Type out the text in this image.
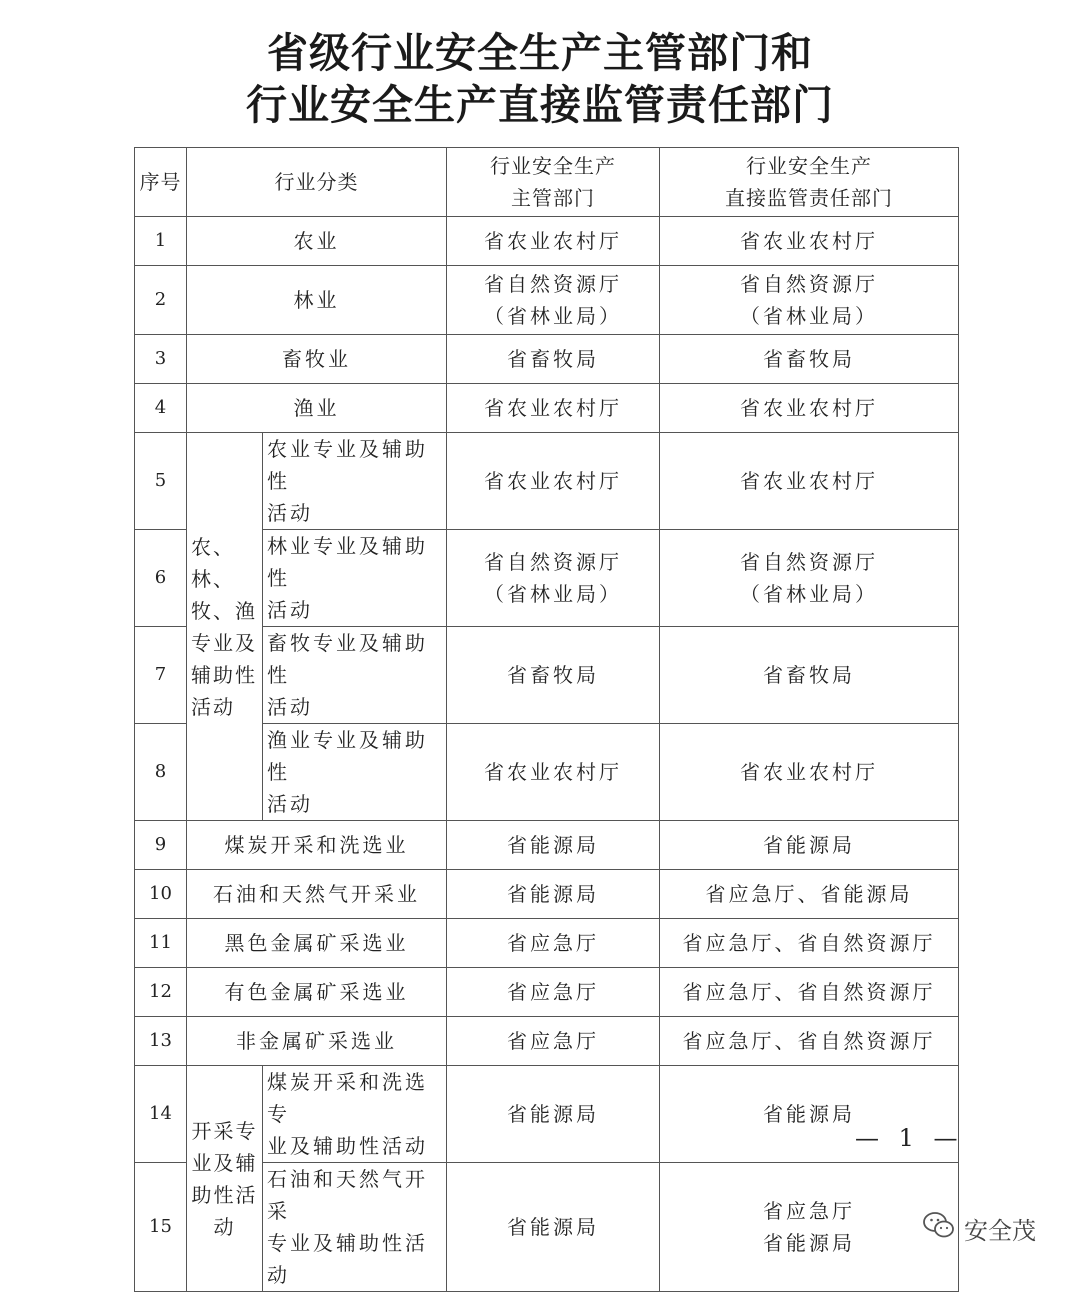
省级行业安全生产主管部门和
行业安全生产直接监管责任部门
序号	行业分类		行业安全生产
主管部门	行业安全生产
直接监管责任部门
1	农业		省农业农村厅	省农业农村厅
2	林业		省自然资源厅
（省林业局）	省自然资源厅
（省林业局）
3	畜牧业		省畜牧局	省畜牧局
4	渔业		省农业农村厅	省农业农村厅
5	农、林、牧、渔专业及辅助性活动	农业专业及辅助性
活动	省农业农村厅	省农业农村厅
6		林业专业及辅助性
活动	省自然资源厅
（省林业局）	省自然资源厅
（省林业局）
7		畜牧专业及辅助性
活动	省畜牧局	省畜牧局
8		渔业专业及辅助性
活动	省农业农村厅	省农业农村厅
9	煤炭开采和洗选业		省能源局	省能源局
10	石油和天然气开采业		省能源局	省应急厅、省能源局
11	黑色金属矿采选业		省应急厅	省应急厅、省自然资源厅
12	有色金属矿采选业		省应急厅	省应急厅、省自然资源厅
13	非金属矿采选业		省应急厅	省应急厅、省自然资源厅
14	开采专业及辅助性活动	煤炭开采和洗选专
业及辅助性活动	省能源局	省能源局
15		石油和天然气开采
专业及辅助性活动	省能源局	省应急厅
省能源局
— 1 —
安全茂
